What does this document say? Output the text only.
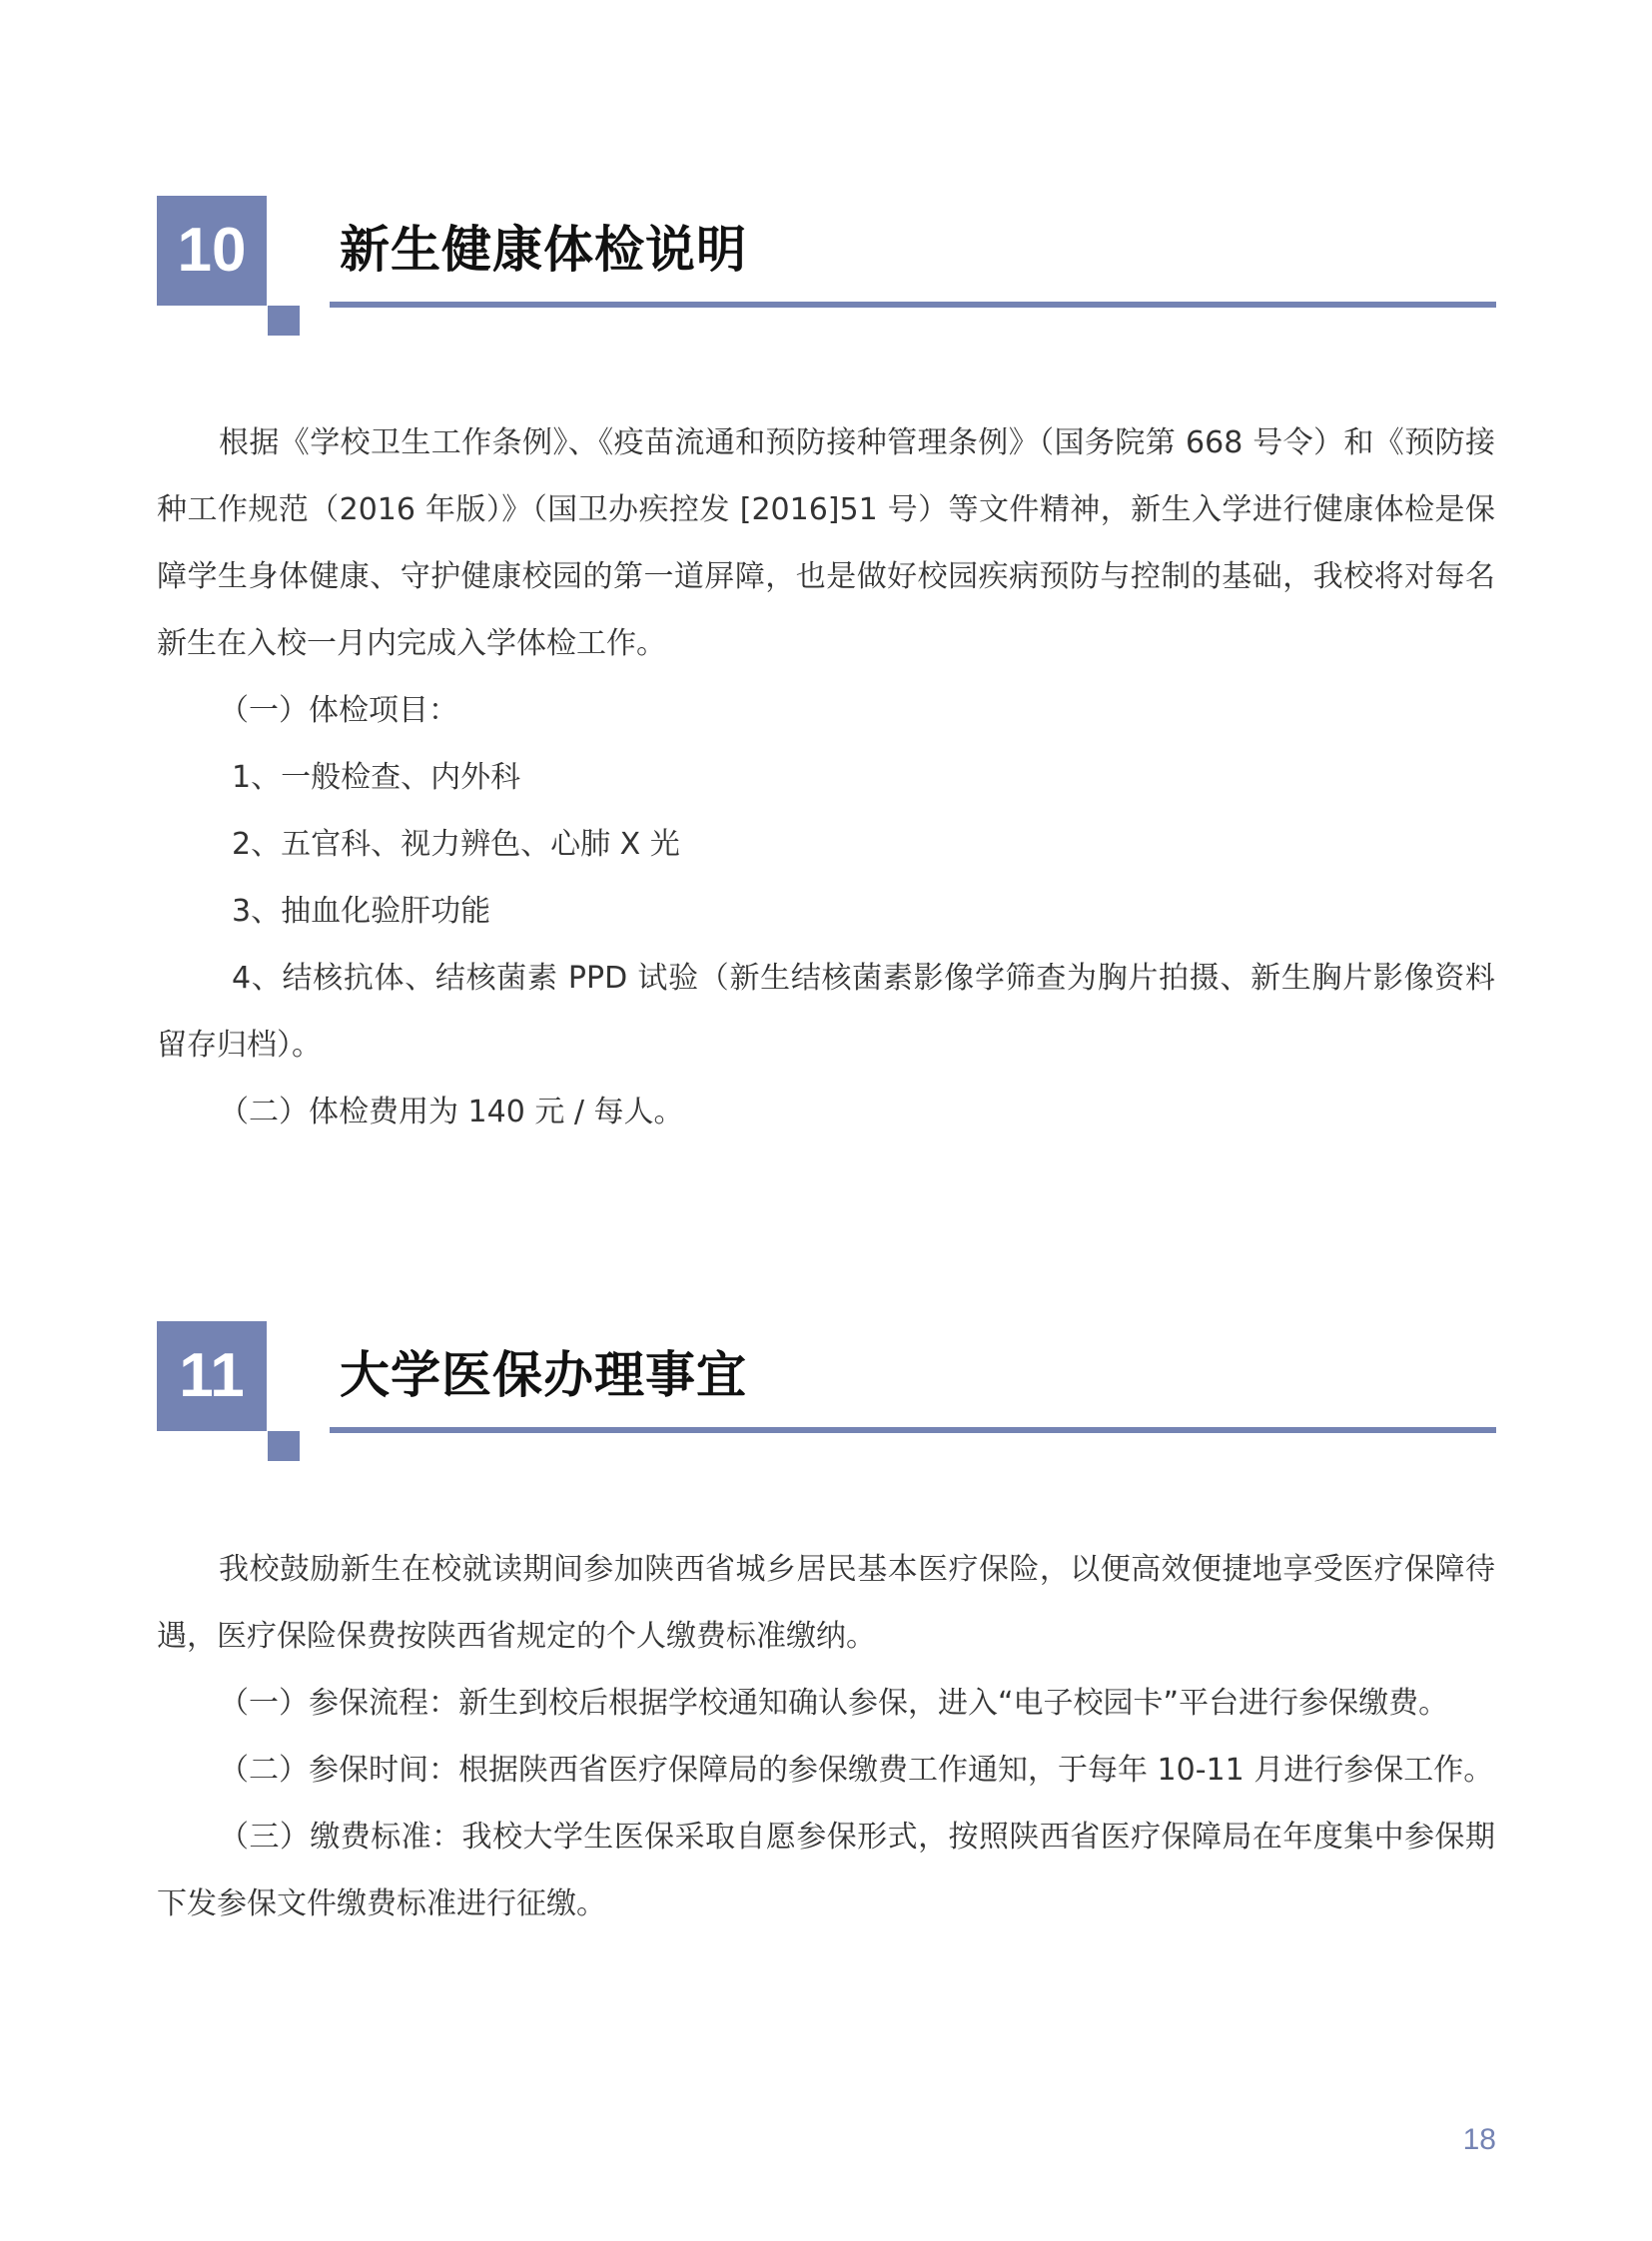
10	新生健康体检说明

根据《学校卫生工作条例》、《疫苗流通和预防接种管理条例》（国务院第 668 号令）和《预防接种工作规范（2016 年版）》（国卫办疾控发 [2016]51 号）等文件精神，新生入学进行健康体检是保障学生身体健康、守护健康校园的第一道屏障，也是做好校园疾病预防与控制的基础，我校将对每名新生在入校一月内完成入学体检工作。

（一）体检项目：

1、一般检查、内外科

2、五官科、视力辨色、心肺 X 光

3、抽血化验肝功能

4、结核抗体、结核菌素 PPD 试验（新生结核菌素影像学筛查为胸片拍摄、新生胸片影像资料留存归档）。

（二）体检费用为 140 元 / 每人。

11	大学医保办理事宜

我校鼓励新生在校就读期间参加陕西省城乡居民基本医疗保险，以便高效便捷地享受医疗保障待遇，医疗保险保费按陕西省规定的个人缴费标准缴纳。

（一）参保流程：新生到校后根据学校通知确认参保，进入“电子校园卡”平台进行参保缴费。

（二）参保时间：根据陕西省医疗保障局的参保缴费工作通知，于每年 10-11 月进行参保工作。

（三）缴费标准：我校大学生医保采取自愿参保形式，按照陕西省医疗保障局在年度集中参保期下发参保文件缴费标准进行征缴。

18
